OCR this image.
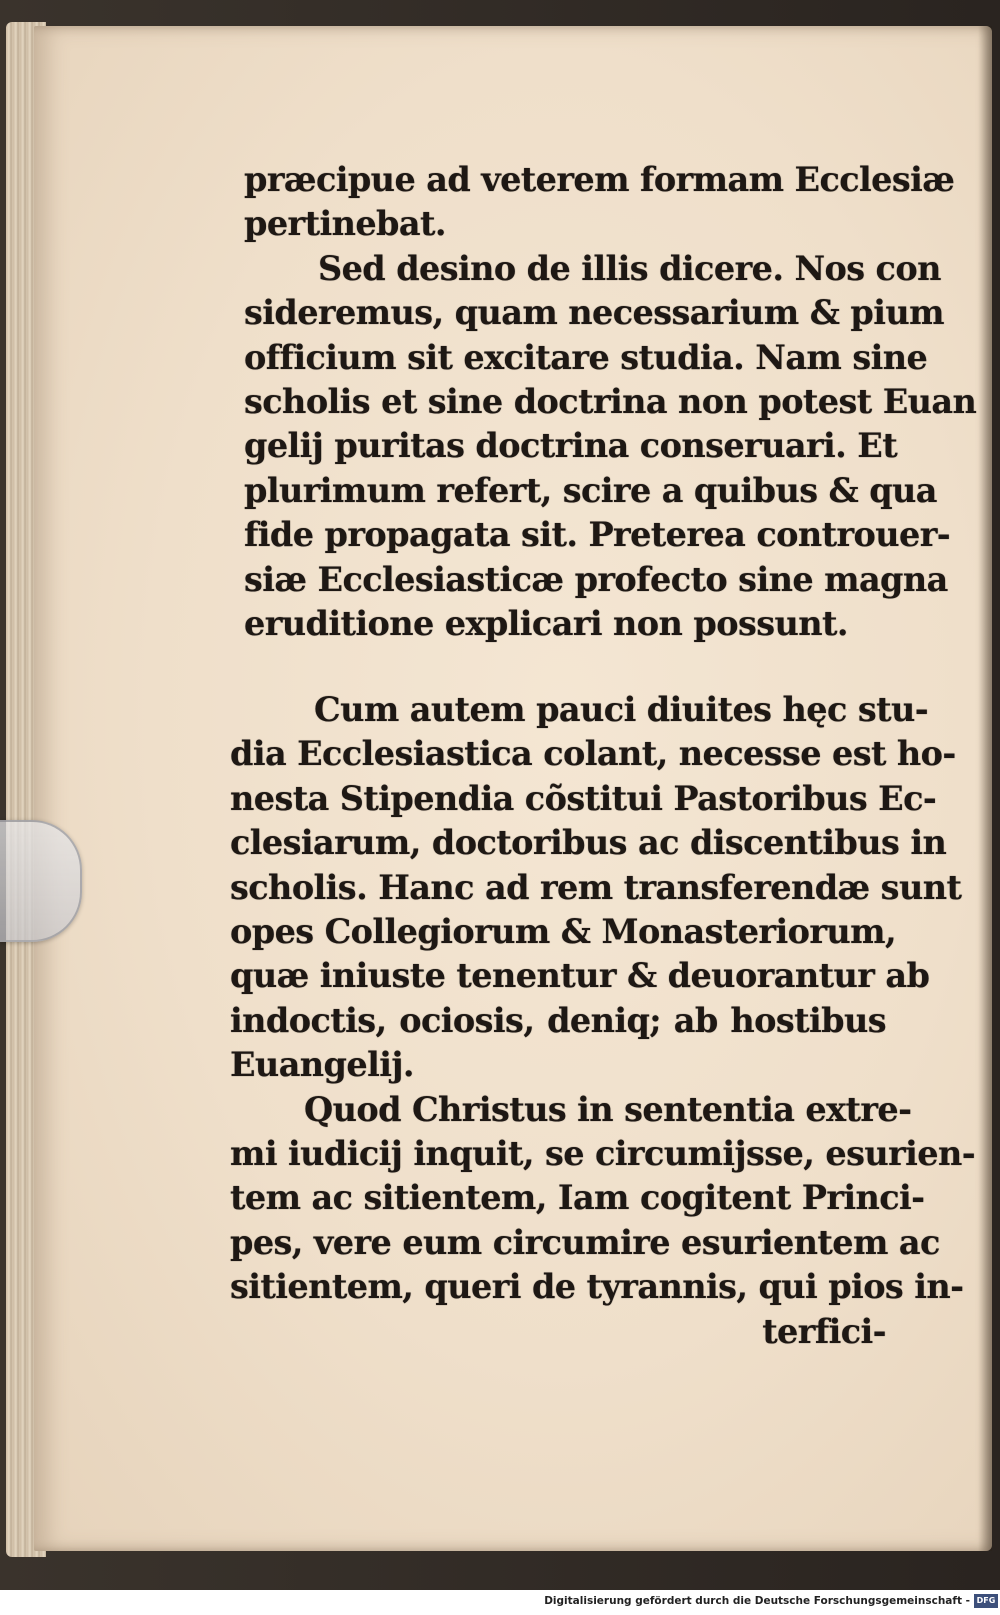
præcipue ad veterem formam Ecclesiæ
pertinebat.
Sed desino de illis dicere. Nos con
sideremus, quam necessarium & pium
officium sit excitare studia. Nam sine
scholis et sine doctrina non potest Euan
gelij puritas doctrina conseruari. Et
plurimum refert, scire a quibus & qua
fide propagata sit. Preterea controuer-
siæ Ecclesiasticæ profecto sine magna
eruditione explicari non possunt.
Cum autem pauci diuites hęc stu-
dia Ecclesiastica colant, necesse est ho-
nesta Stipendia cõstitui Pastoribus Ec-
clesiarum, doctoribus ac discentibus in
scholis. Hanc ad rem transferendæ sunt
opes Collegiorum & Monasteriorum,
quæ iniuste tenentur & deuorantur ab
indoctis, ociosis, deniq; ab hostibus
Euangelij.
Quod Christus in sententia extre-
mi iudicij inquit, se circumijsse, esurien-
tem ac sitientem, Iam cogitent Princi-
pes, vere eum circumire esurientem ac
sitientem, queri de tyrannis, qui pios in-
terfici-
Digitalisierung gefördert durch die Deutsche Forschungsgemeinschaft - DFG
